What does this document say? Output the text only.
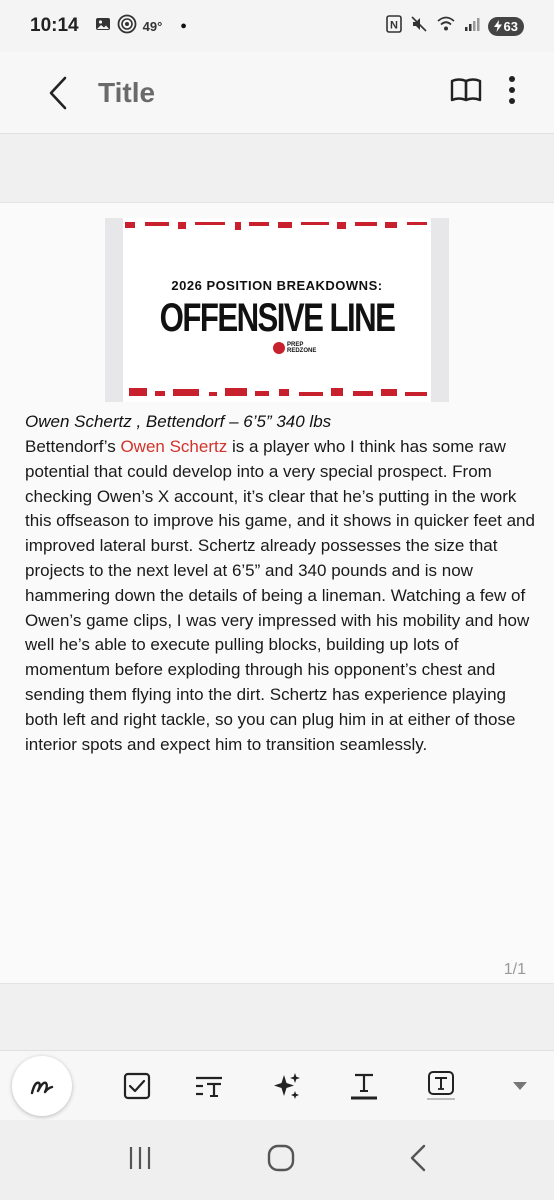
10:14	49° ●	N	63
Title
2026 POSITION BREAKDOWNS:
OFFENSIVE LINE
PREP
REDZONE
Owen Schertz , Bettendorf – 6’5” 340 lbs
Bettendorf’s Owen Schertz is a player who I think has some raw potential that could develop into a very special prospect. From checking Owen’s X account, it’s clear that he’s putting in the work this offseason to improve his game, and it shows in quicker feet and improved lateral burst. Schertz already possesses the size that projects to the next level at 6’5” and 340 pounds and is now hammering down the details of being a lineman. Watching a few of Owen’s game clips, I was very impressed with his mobility and how well he’s able to execute pulling blocks, building up lots of momentum before exploding through his opponent’s chest and sending them flying into the dirt. Schertz has experience playing both left and right tackle, so you can plug him in at either of those interior spots and expect him to transition seamlessly.
1/1
